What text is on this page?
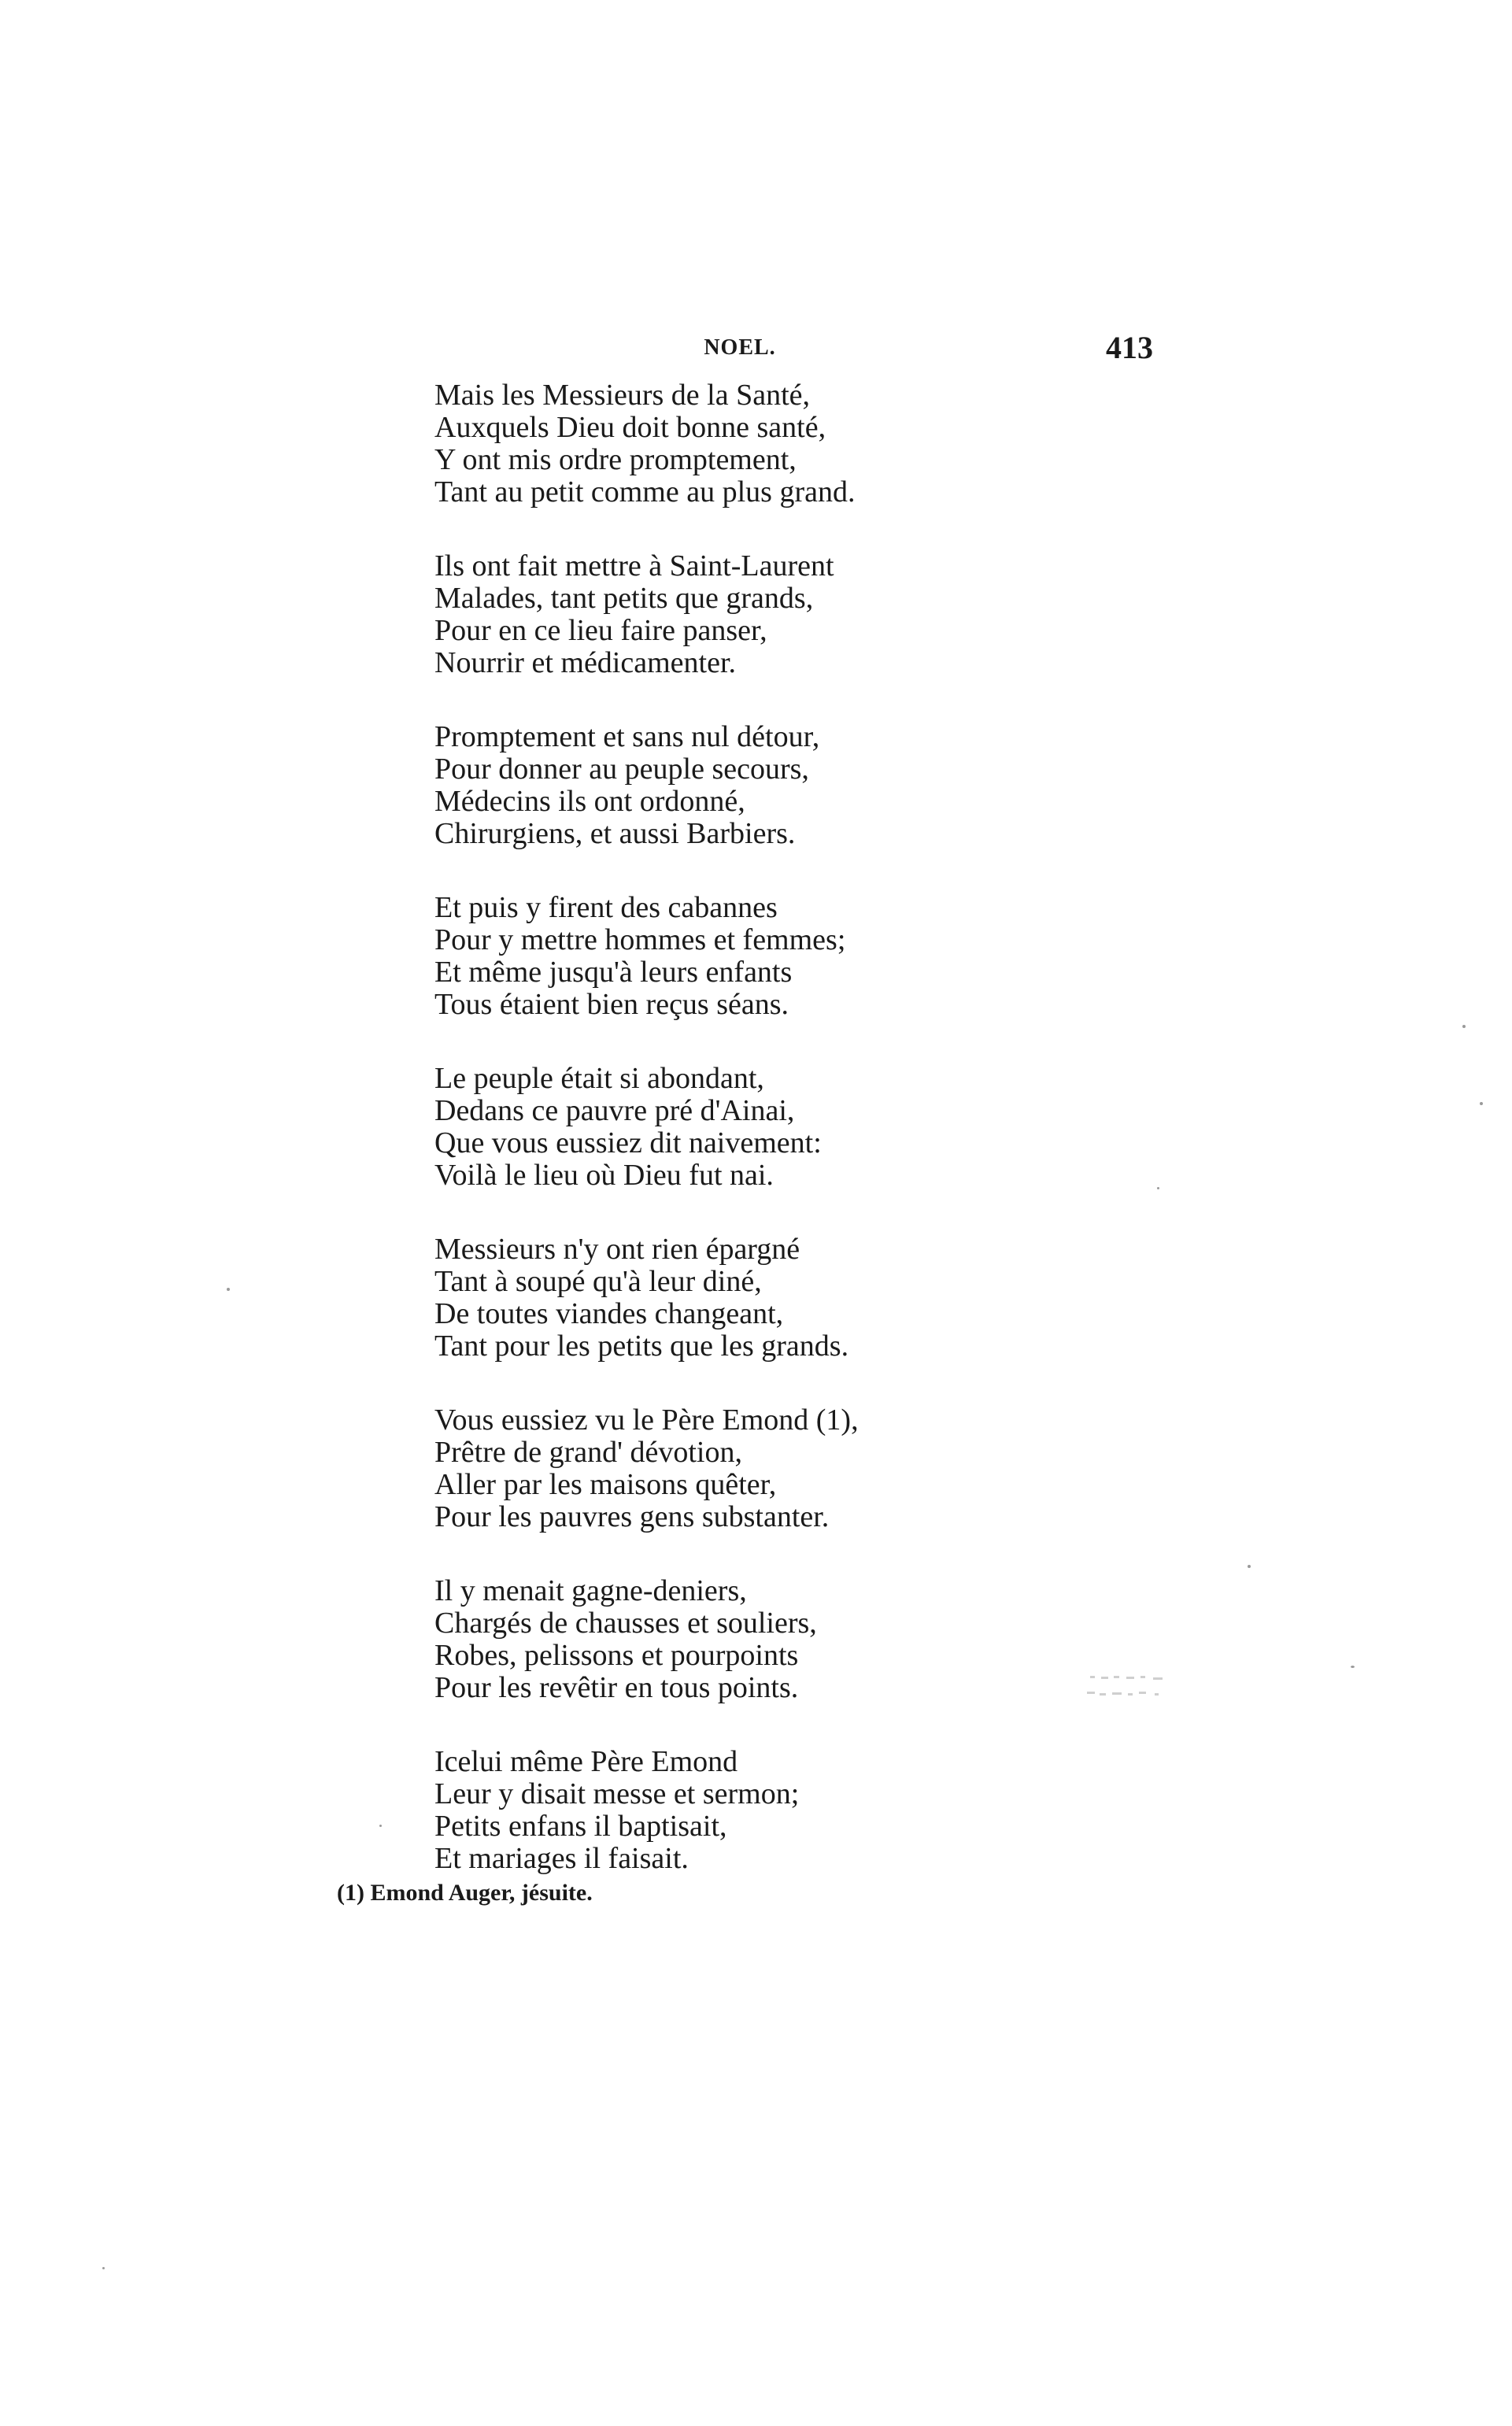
NOEL.	413
Mais les Messieurs de la Santé,
Auxquels Dieu doit bonne santé,
Y ont mis ordre promptement,
Tant au petit comme au plus grand.
Ils ont fait mettre à Saint-Laurent
Malades, tant petits que grands,
Pour en ce lieu faire panser,
Nourrir et médicamenter.
Promptement et sans nul détour,
Pour donner au peuple secours,
Médecins ils ont ordonné,
Chirurgiens, et aussi Barbiers.
Et puis y firent des cabannes
Pour y mettre hommes et femmes;
Et même jusqu'à leurs enfants
Tous étaient bien reçus séans.
Le peuple était si abondant,
Dedans ce pauvre pré d'Ainai,
Que vous eussiez dit naivement:
Voilà le lieu où Dieu fut nai.
Messieurs n'y ont rien épargné
Tant à soupé qu'à leur diné,
De toutes viandes changeant,
Tant pour les petits que les grands.
Vous eussiez vu le Père Emond (1),
Prêtre de grand' dévotion,
Aller par les maisons quêter,
Pour les pauvres gens substanter.
Il y menait gagne-deniers,
Chargés de chausses et souliers,
Robes, pelissons et pourpoints
Pour les revêtir en tous points.
Icelui même Père Emond
Leur y disait messe et sermon;
Petits enfans il baptisait,
Et mariages il faisait.
(1) Emond Auger, jésuite.
